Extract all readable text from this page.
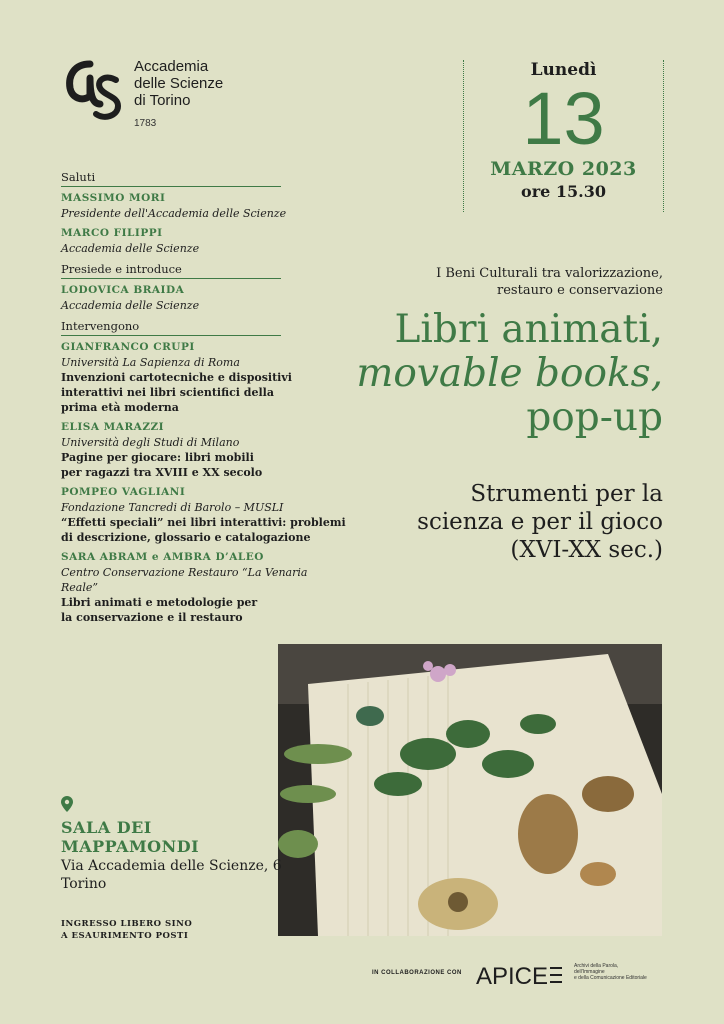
Accademia
delle Scienze
di Torino
1783
Lunedì
13
MARZO 2023
ore 15.30
Saluti
MASSIMO MORI
Presidente dell'Accademia delle Scienze
MARCO FILIPPI
Accademia delle Scienze
Presiede e introduce
LODOVICA BRAIDA
Accademia delle Scienze
Intervengono
GIANFRANCO CRUPI
Università La Sapienza di Roma
Invenzioni cartotecniche e dispositivi
interattivi nei libri scientifici della
prima età moderna
ELISA MARAZZI
Università degli Studi di Milano
Pagine per giocare: libri mobili
per ragazzi tra XVIII e XX secolo
POMPEO VAGLIANI
Fondazione Tancredi di Barolo – MUSLI
“Effetti speciali” nei libri interattivi: problemi
di descrizione, glossario e catalogazione
SARA ABRAM e AMBRA D’ALEO
Centro Conservazione Restauro “La Venaria Reale”
Libri animati e metodologie per
la conservazione e il restauro
I Beni Culturali tra valorizzazione,
restauro e conservazione
Libri animati,
movable books,
pop-up
Strumenti per la
scienza e per il gioco
(XVI-XX sec.)
SALA DEI
MAPPAMONDI
Via Accademia delle Scienze, 6
Torino
INGRESSO LIBERO SINO
A ESAURIMENTO POSTI
IN COLLABORAZIONE CON APICE	Archivi della Parola,
dell'Immagine
e della Comunicazione Editoriale
